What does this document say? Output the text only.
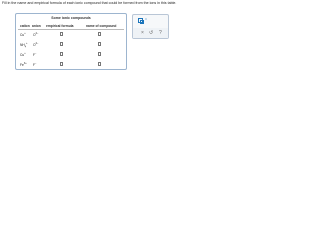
Fill in the name and empirical formula of each ionic compound that could be formed from the ions in this table.
Some ionic compounds
cation anion empirical formula	name of compound
Cu+ $O^{2-}$
$NH_4^+$ $O^{2-}$
Cu+ F−
$Fe^{3+}$ F−
□
× ↺ ?
